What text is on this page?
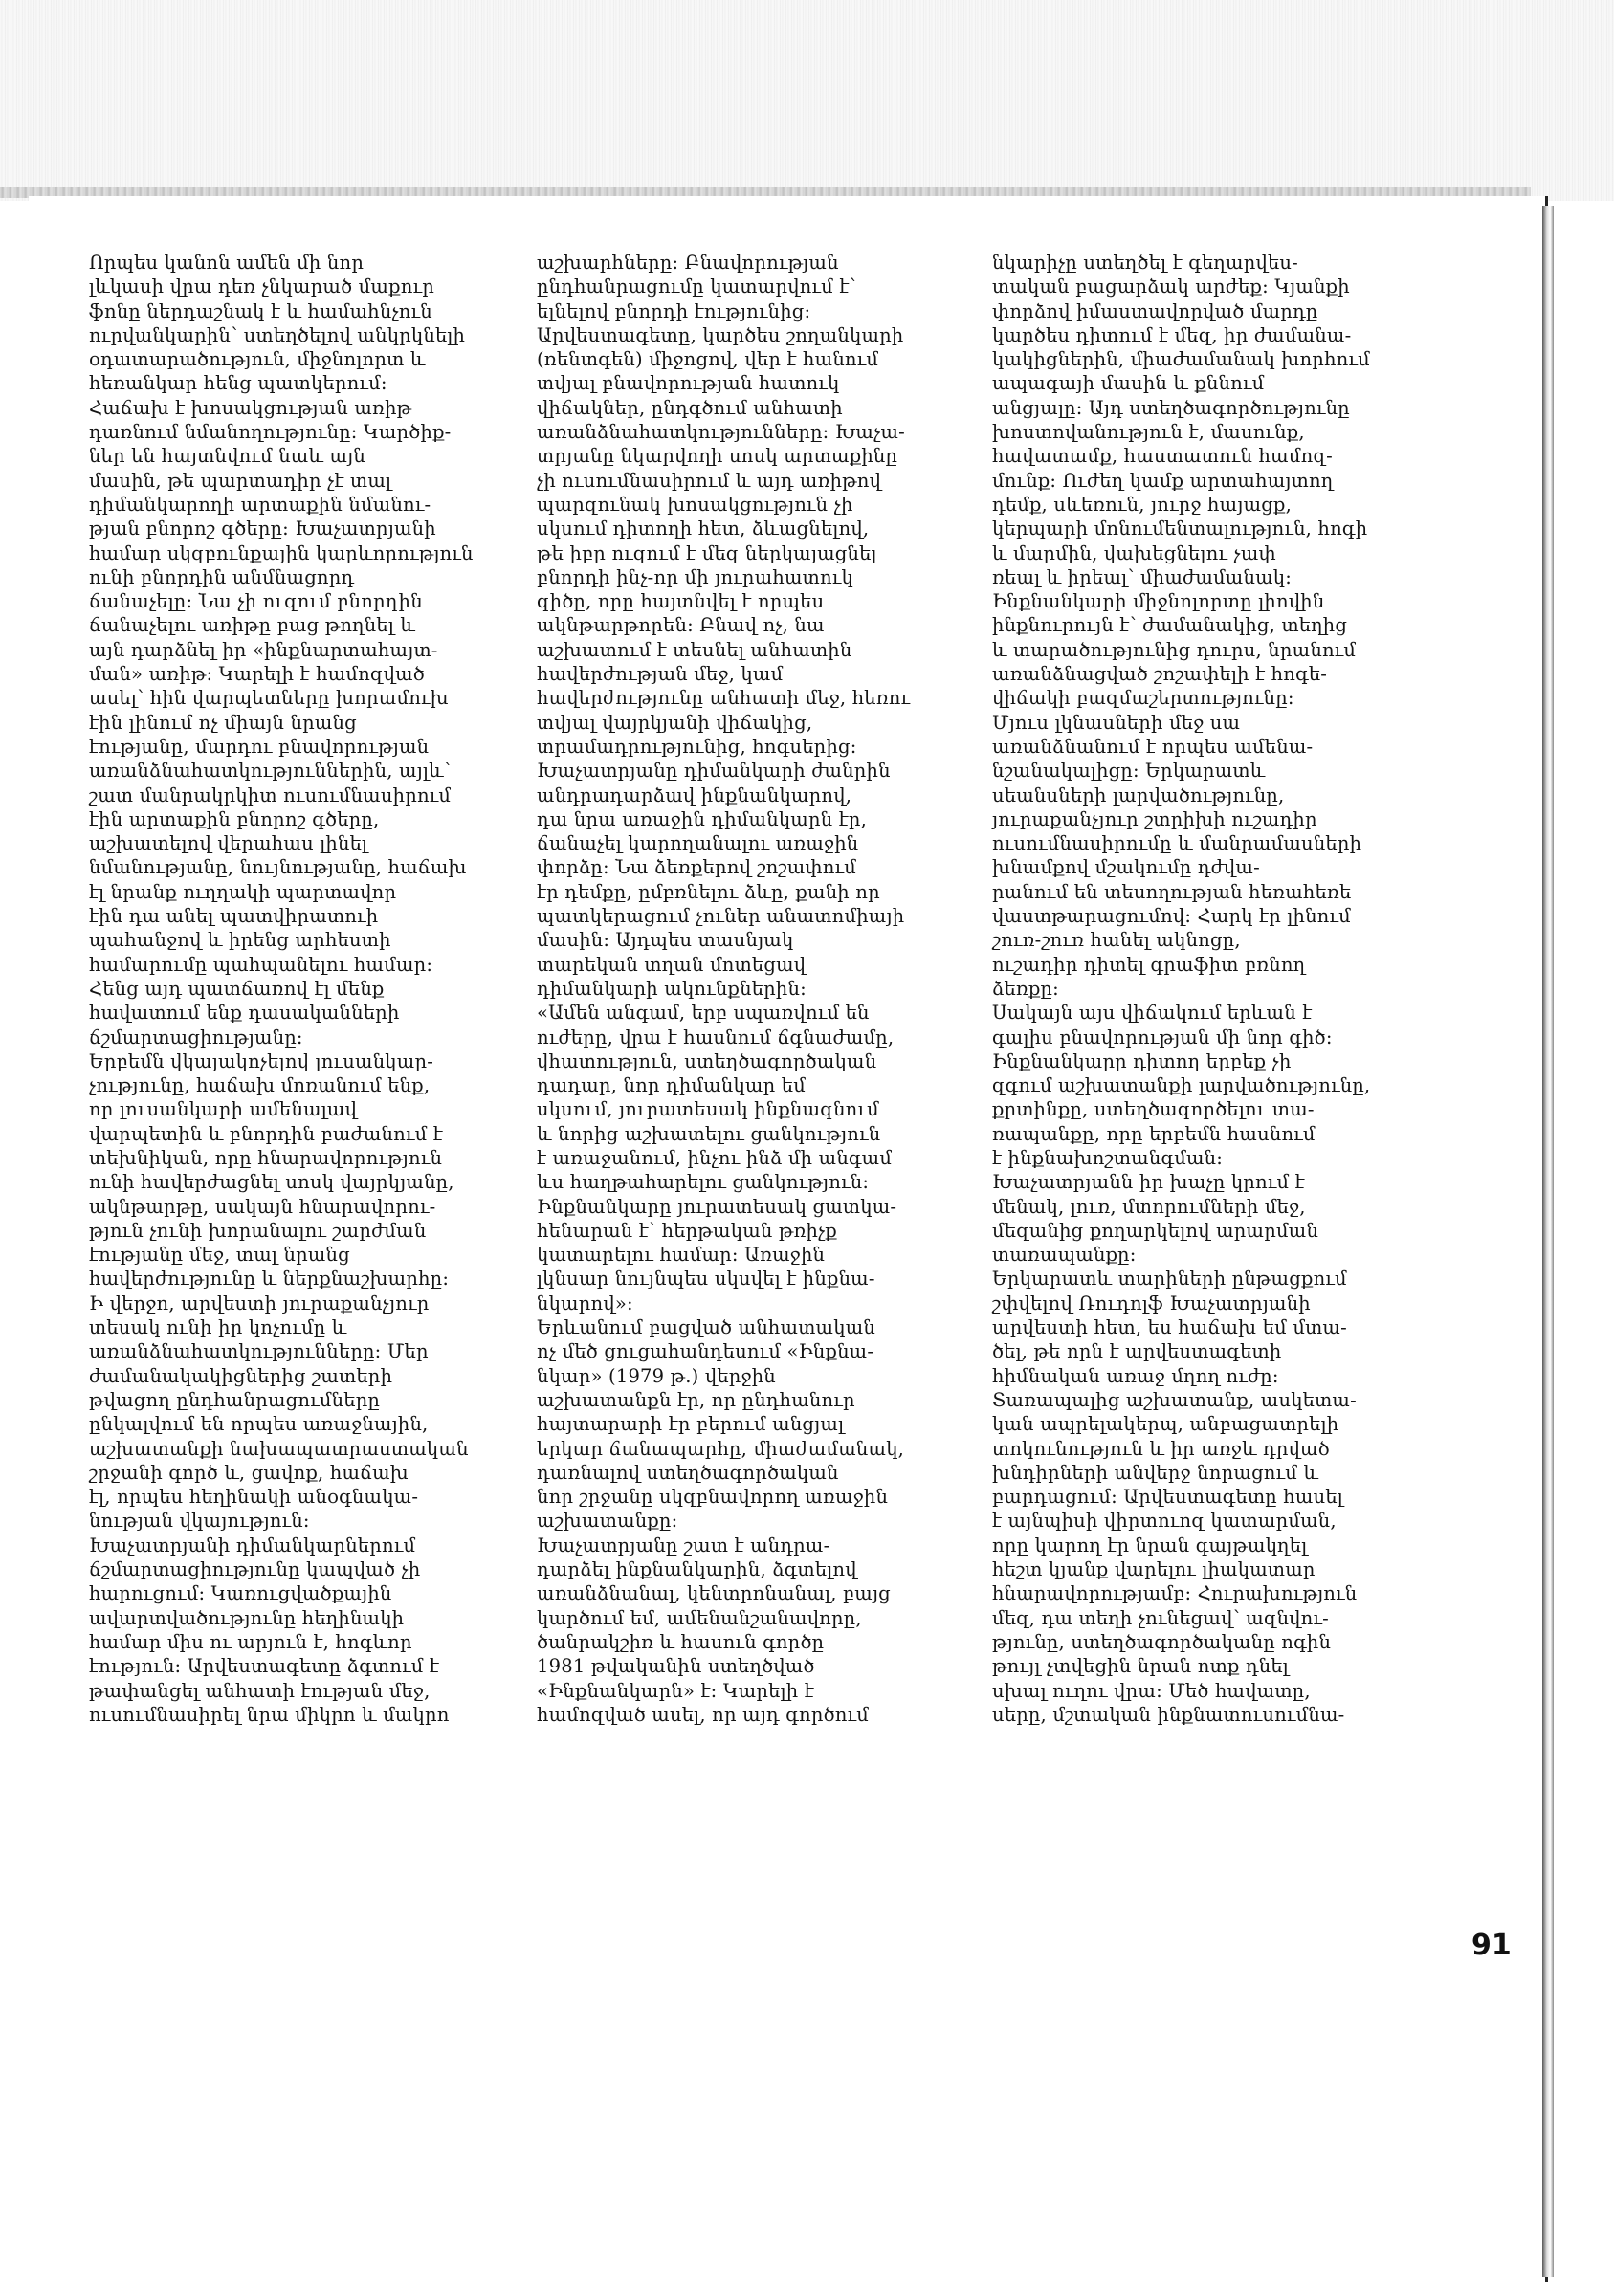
Որպես կանոն ամեն մի նոր
լևկասի վրա դեռ չնկարած մաքուր
ֆոնը ներդաշնակ է և համահնչուն
ուրվանկարին՝ ստեղծելով անկրկնելի
օդատարածություն, միջնոլորտ և
հեռանկար հենց պատկերում:
Հաճախ է խոսակցության առիթ
դառնում նմանողությունը: Կարծիք-
ներ են հայտնվում նաև այն
մասին, թե պարտադիր չէ տալ
դիմանկարողի արտաքին նմանու-
թյան բնորոշ գծերը: Խաչատրյանի
համար սկզբունքային կարևորություն
ունի բնորդին անմնացորդ
ճանաչելը: Նա չի ուզում բնորդին
ճանաչելու առիթը բաց թողնել և
այն դարձնել իր «ինքնարտահայտ-
ման» առիթ: Կարելի է համոզված
ասել՝ հին վարպետները խորամուխ
էին լինում ոչ միայն նրանց
էությանը, մարդու բնավորության
առանձնահատկություններին, այլև՝
շատ մանրակրկիտ ուսումնասիրում
էին արտաքին բնորոշ գծերը,
աշխատելով վերահաս լինել
նմանությանը, նույնությանը, հաճախ
էլ նրանք ուղղակի պարտավոր
էին դա անել պատվիրատուի
պահանջով և իրենց արհեստի
համարումը պահպանելու համար:
Հենց այդ պատճառով էլ մենք
հավատում ենք դասականների
ճշմարտացիությանը:
Երբեմն վկայակոչելով լուսանկար-
չությունը, հաճախ մոռանում ենք,
որ լուսանկարի ամենալավ
վարպետին և բնորդին բաժանում է
տեխնիկան, որը հնարավորություն
ունի հավերժացնել սոսկ վայրկյանը,
ակնթարթը, սակայն հնարավորու-
թյուն չունի խորանալու շարժման
էությանը մեջ, տալ նրանց
հավերժությունը և ներքնաշխարհը:
Ի վերջո, արվեստի յուրաքանչյուր
տեսակ ունի իր կոչումը և
առանձնահատկությունները: Մեր
ժամանակակիցներից շատերի
թվացող ընդհանրացումները
ընկալվում են որպես առաջնային,
աշխատանքի նախապատրաստական
շրջանի գործ և, ցավոք, հաճախ
էլ, որպես հեղինակի անօգնակա-
նության վկայություն:
Խաչատրյանի դիմանկարներում
ճշմարտացիությունը կապված չի
հարուցում: Կառուցվածքային
ավարտվածությունը հեղինակի
համար միս ու արյուն է, հոգևոր
էություն: Արվեստագետը ձգտում է
թափանցել անհատի էության մեջ,
ուսումնասիրել նրա միկրո և մակրո
աշխարհները: Բնավորության
ընդհանրացումը կատարվում է՝
ելնելով բնորդի էությունից:
Արվեստագետը, կարծես շողանկարի
(ռենտգեն) միջոցով, վեր է հանում
տվյալ բնավորության հատուկ
վիճակներ, ընդգծում անհատի
առանձնահատկությունները: Խաչա-
տրյանը նկարվողի սոսկ արտաքինը
չի ուսումնասիրում և այդ առիթով
պարզունակ խոսակցություն չի
սկսում դիտողի հետ, ձևացնելով,
թե իբր ուզում է մեզ ներկայացնել
բնորդի ինչ-որ մի յուրահատուկ
գիծը, որը հայտնվել է որպես
ակնթարթորեն: Բնավ ոչ, նա
աշխատում է տեսնել անհատին
հավերժության մեջ, կամ
հավերժությունը անհատի մեջ, հեռու
տվյալ վայրկյանի վիճակից,
տրամադրությունից, հոգսերից:
Խաչատրյանը դիմանկարի ժանրին
անդրադարձավ ինքնանկարով,
դա նրա առաջին դիմանկարն էր,
ճանաչել կարողանալու առաջին
փորձը: Նա ձեռքերով շոշափում
էր դեմքը, ըմբռնելու ձևը, քանի որ
պատկերացում չուներ անատոմիայի
մասին: Այդպես տասնյակ
տարեկան տղան մոտեցավ
դիմանկարի ակունքներին:
«Ամեն անգամ, երբ սպառվում են
ուժերը, վրա է հասնում ճգնաժամը,
վհատություն, ստեղծագործական
դադար, նոր դիմանկար եմ
սկսում, յուրատեսակ ինքնագնում
և նորից աշխատելու ցանկություն
է առաջանում, ինչու ինձ մի անգամ
ևս հաղթահարելու ցանկություն:
Ինքնանկարը յուրատեսակ ցատկա-
հենարան է՝ հերթական թռիչք
կատարելու համար: Առաջին
լկնսար նույնպես սկսվել է ինքնա-
նկարով»:
Երևանում բացված անհատական
ոչ մեծ ցուցահանդեսում «Ինքնա-
նկար» (1979 թ.) վերջին
աշխատանքն էր, որ ընդհանուր
հայտարարի էր բերում անցյալ
երկար ճանապարհը, միաժամանակ,
դառնալով ստեղծագործական
նոր շրջանը սկզբնավորող առաջին
աշխատանքը:
Խաչատրյանը շատ է անդրա-
դարձել ինքնանկարին, ձգտելով
առանձնանալ, կենտրոնանալ, բայց
կարծում եմ, ամենանշանավորը,
ծանրակշիռ և հասուն գործը
1981 թվականին ստեղծված
«Ինքնանկարն» է: Կարելի է
համոզված ասել, որ այդ գործում
նկարիչը ստեղծել է գեղարվես-
տական բացարձակ արժեք: Կյանքի
փորձով իմաստավորված մարդը
կարծես դիտում է մեզ, իր ժամանա-
կակիցներին, միաժամանակ խորհում
ապագայի մասին և քննում
անցյալը: Այդ ստեղծագործությունը
խոստովանություն է, մասունք,
հավատամք, հաստատուն համոզ-
մունք: Ուժեղ կամք արտահայտող
դեմք, սևեռուն, յուրջ հայացք,
կերպարի մոնումենտալություն, հոգի
և մարմին, վախեցնելու չափ
ռեալ և իրեալ՝ միաժամանակ:
Ինքնանկարի միջնոլորտը լիովին
ինքնուրույն է՝ ժամանակից, տեղից
և տարածությունից դուրս, նրանում
առանձնացված շոշափելի է հոգե-
վիճակի բազմաշերտությունը:
Մյուս լկնասների մեջ սա
առանձնանում է որպես ամենա-
նշանակալիցը: Երկարատև
սեանսների լարվածությունը,
յուրաքանչյուր շտրիխի ուշադիր
ուսումնասիրումը և մանրամասների
խնամքով մշակումը դժվա-
րանում են տեսողության հեռահեռե
վաստթարացումով: Հարկ էր լինում
շուռ-շուռ հանել ակնոցը,
ուշադիր դիտել գրաֆիտ բռնող
ձեռքը:
Սակայն այս վիճակում երևան է
գալիս բնավորության մի նոր գիծ:
Ինքնանկարը դիտող երբեք չի
զգում աշխատանքի լարվածությունը,
քրտինքը, ստեղծագործելու տա-
ռապանքը, որը երբեմն հասնում
է ինքնախոշտանգման:
Խաչատրյանն իր խաչը կրում է
մենակ, լուռ, մտորումների մեջ,
մեզանից քողարկելով արարման
տառապանքը:
Երկարատև տարիների ընթացքում
շփվելով Ռուդոլֆ Խաչատրյանի
արվեստի հետ, ես հաճախ եմ մտա-
ծել, թե որն է արվեստագետի
հիմնական առաջ մղող ուժը:
Տառապալից աշխատանք, ասկետա-
կան ապրելակերպ, անբացատրելի
տոկունություն և իր առջև դրված
խնդիրների անվերջ նորացում և
բարդացում: Արվեստագետը հասել
է այնպիսի վիրտուոզ կատարման,
որը կարող էր նրան գայթակղել
հեշտ կյանք վարելու լիակատար
հնարավորությամբ: Հուրախություն
մեզ, դա տեղի չունեցավ՝ ազնվու-
թյունը, ստեղծագործականը ոգին
թույլ չտվեցին նրան ոտք դնել
սխալ ուղու վրա: Մեծ հավատը,
սերը, մշտական ինքնատուսումնա-
91
